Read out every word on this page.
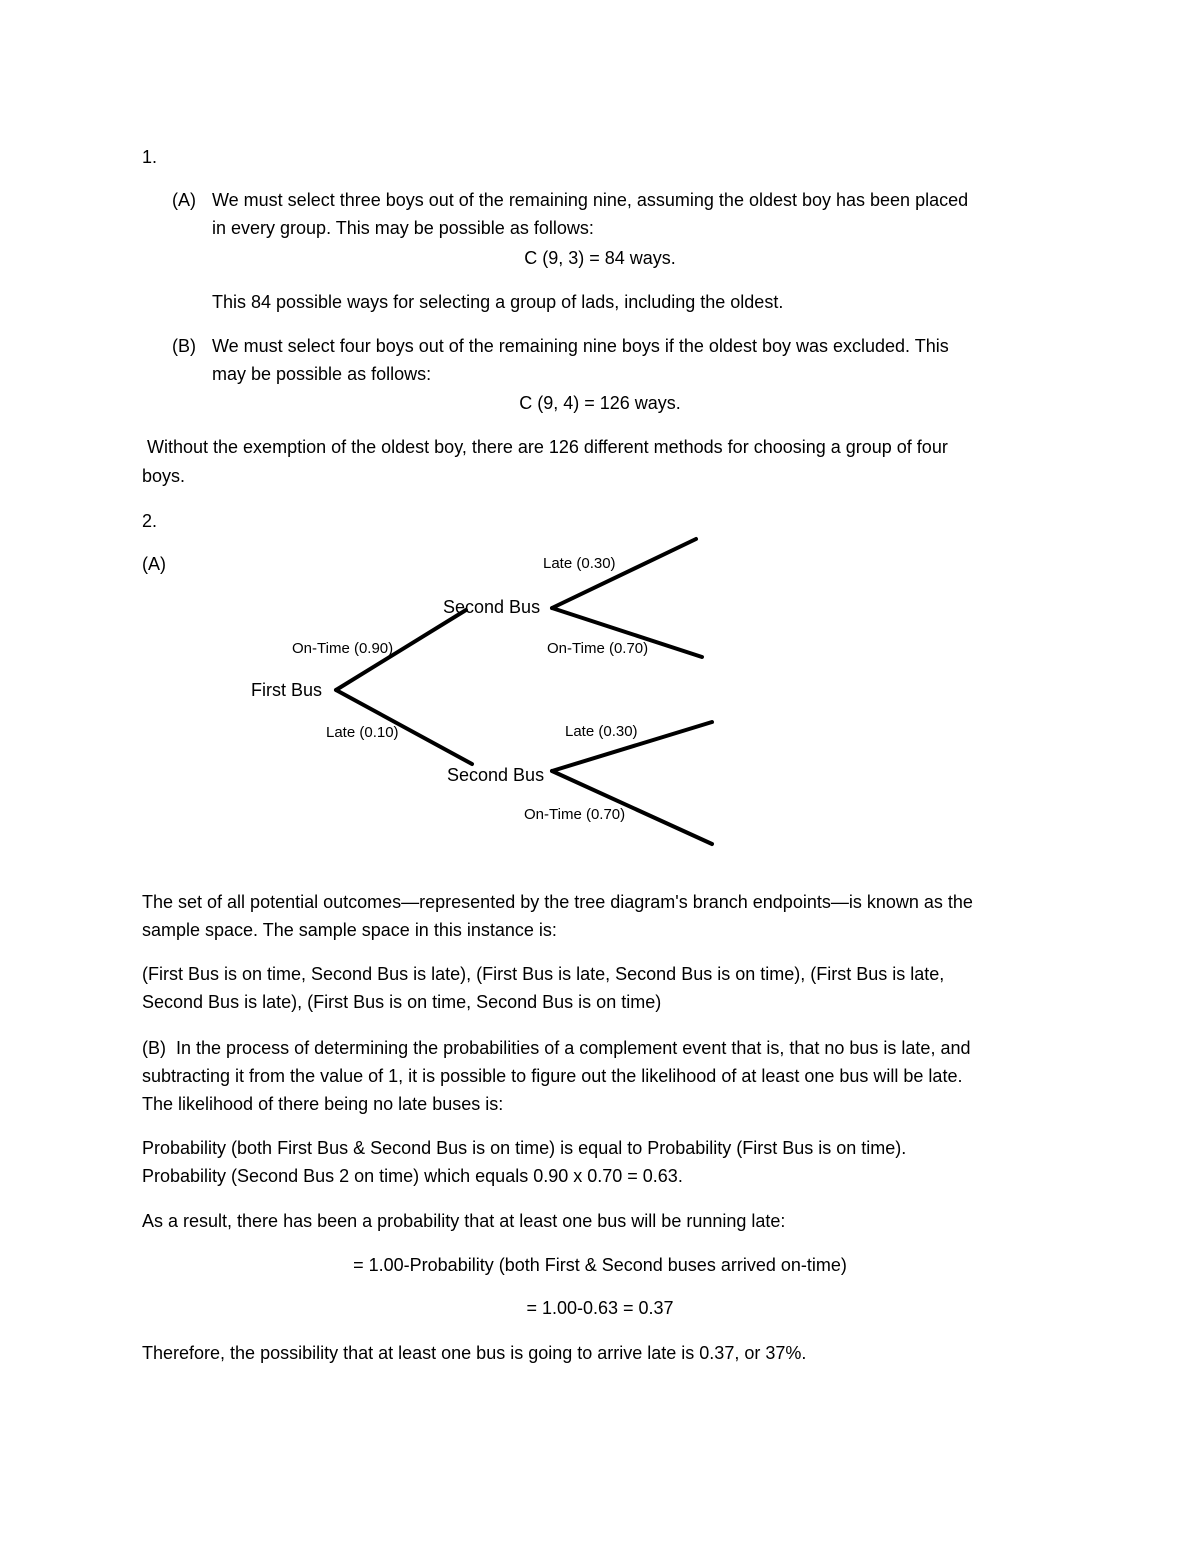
1.
(A) We must select three boys out of the remaining nine, assuming the oldest boy has been placed
in every group. This may be possible as follows:
C (9, 3) = 84 ways.
This 84 possible ways for selecting a group of lads, including the oldest.
(B) We must select four boys out of the remaining nine boys if the oldest boy was excluded. This
may be possible as follows:
C (9, 4) = 126 ways.
Without the exemption of the oldest boy, there are 126 different methods for choosing a group of four
boys.
2.
(A)
First Bus
Second Bus
Second Bus
On-Time (0.90)
Late (0.10)
Late (0.30)
On-Time (0.70)
Late (0.30)
On-Time (0.70)
The set of all potential outcomes—represented by the tree diagram's branch endpoints—is known as the
sample space. The sample space in this instance is:
(First Bus is on time, Second Bus is late), (First Bus is late, Second Bus is on time), (First Bus is late,
Second Bus is late), (First Bus is on time, Second Bus is on time)
(B) In the process of determining the probabilities of a complement event that is, that no bus is late, and
subtracting it from the value of 1, it is possible to figure out the likelihood of at least one bus will be late.
The likelihood of there being no late buses is:
Probability (both First Bus & Second Bus is on time) is equal to Probability (First Bus is on time).
Probability (Second Bus 2 on time) which equals 0.90 x 0.70 = 0.63.
As a result, there has been a probability that at least one bus will be running late:
= 1.00-Probability (both First & Second buses arrived on-time)
= 1.00-0.63 = 0.37
Therefore, the possibility that at least one bus is going to arrive late is 0.37, or 37%.
